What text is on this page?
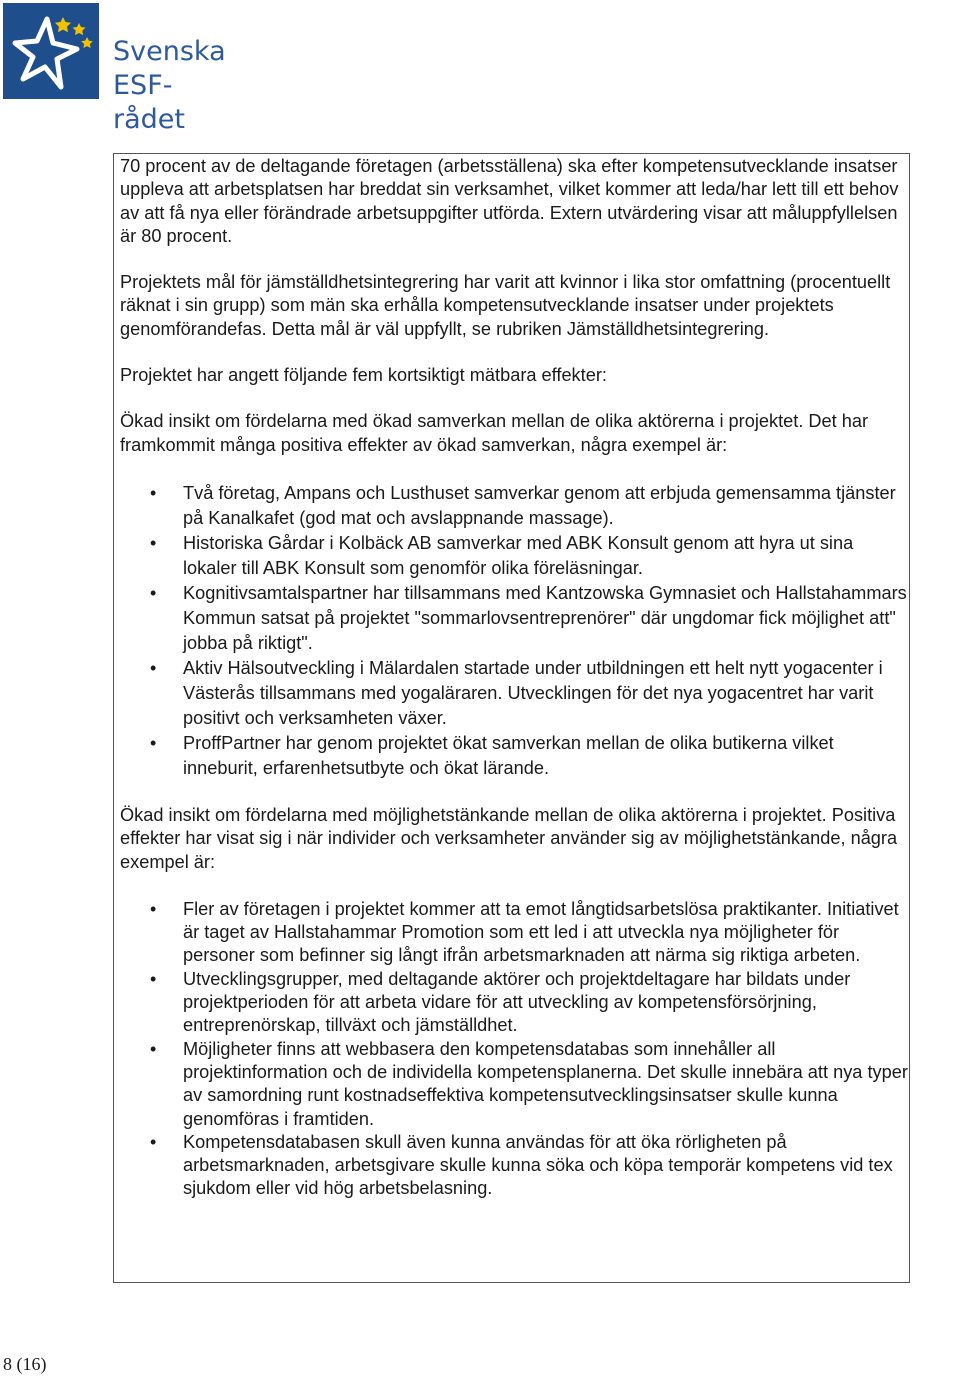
Svenska
ESF-rådet

70 procent av de deltagande företagen (arbetsställena) ska efter kompetensutvecklande insatser uppleva att arbetsplatsen har breddat sin verksamhet, vilket kommer att leda/har lett till ett behov av att få nya eller förändrade arbetsuppgifter utförda. Extern utvärdering visar att måluppfyllelsen är 80 procent.

Projektets mål för jämställdhetsintegrering har varit att kvinnor i lika stor omfattning (procentuellt räknat i sin grupp) som män ska erhålla kompetensutvecklande insatser under projektets genomförandefas. Detta mål är väl uppfyllt, se rubriken Jämställdhetsintegrering.

Projektet har angett följande fem kortsiktigt mätbara effekter:

Ökad insikt om fördelarna med ökad samverkan mellan de olika aktörerna i projektet. Det har framkommit många positiva effekter av ökad samverkan, några exempel är:

• Två företag, Ampans och Lusthuset samverkar genom att erbjuda gemensamma tjänster på Kanalkafet (god mat och avslappnande massage).
• Historiska Gårdar i Kolbäck AB samverkar med ABK Konsult genom att hyra ut sina lokaler till ABK Konsult som genomför olika föreläsningar.
• Kognitivsamtalspartner har tillsammans med Kantzowska Gymnasiet och Hallstahammars Kommun satsat på projektet "sommarlovsentreprenörer" där ungdomar fick möjlighet att" jobba på riktigt".
• Aktiv Hälsoutveckling i Mälardalen startade under utbildningen ett helt nytt yogacenter i Västerås tillsammans med yogaläraren. Utvecklingen för det nya yogacentret har varit positivt och verksamheten växer.
• ProffPartner har genom projektet ökat samverkan mellan de olika butikerna vilket inneburit, erfarenhetsutbyte och ökat lärande.

Ökad insikt om fördelarna med möjlighetstänkande mellan de olika aktörerna i projektet. Positiva effekter har visat sig i när individer och verksamheter använder sig av möjlighetstänkande, några exempel är:

• Fler av företagen i projektet kommer att ta emot långtidsarbetslösa praktikanter. Initiativet är taget av Hallstahammar Promotion som ett led i att utveckla nya möjligheter för personer som befinner sig långt ifrån arbetsmarknaden att närma sig riktiga arbeten.
• Utvecklingsgrupper, med deltagande aktörer och projektdeltagare har bildats under projektperioden för att arbeta vidare för att utveckling av kompetensförsörjning, entreprenörskap, tillväxt och jämställdhet.
• Möjligheter finns att webbasera den kompetensdatabas som innehåller all projektinformation och de individella kompetensplanerna. Det skulle innebära att nya typer av samordning runt kostnadseffektiva kompetensutvecklingsinsatser skulle kunna genomföras i framtiden.
• Kompetensdatabasen skull även kunna användas för att öka rörligheten på arbetsmarknaden, arbetsgivare skulle kunna söka och köpa temporär kompetens vid tex sjukdom eller vid hög arbetsbelasning.
8 (16)
